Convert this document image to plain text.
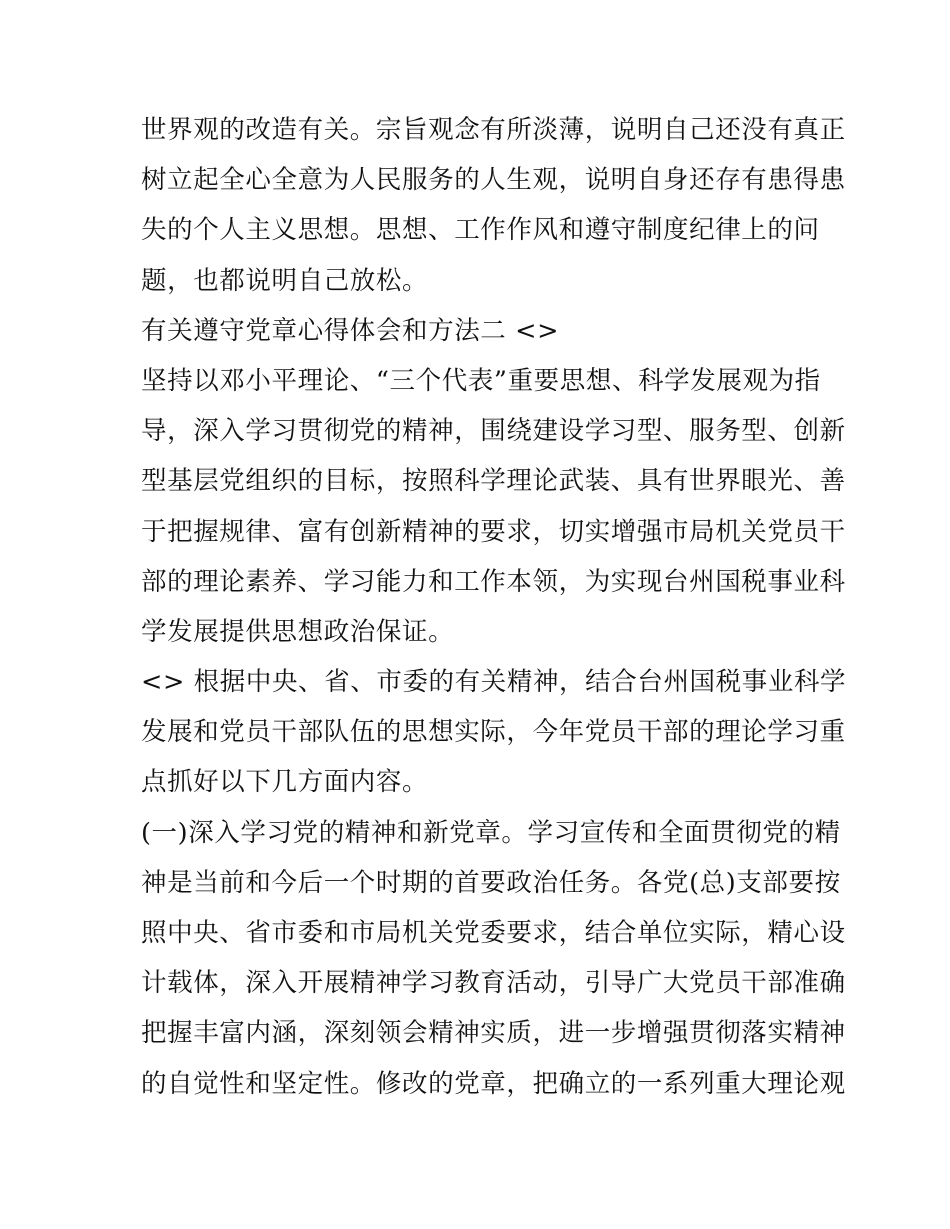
世界观的改造有关。宗旨观念有所淡薄，说明自己还没有真正
树立起全心全意为人民服务的人生观，说明自身还存有患得患
失的个人主义思想。思想、工作作风和遵守制度纪律上的问
题，也都说明自己放松。
有关遵守党章心得体会和方法二 <>
坚持以邓小平理论、“三个代表”重要思想、科学发展观为指
导，深入学习贯彻党的精神，围绕建设学习型、服务型、创新
型基层党组织的目标，按照科学理论武装、具有世界眼光、善
于把握规律、富有创新精神的要求，切实增强市局机关党员干
部的理论素养、学习能力和工作本领，为实现台州国税事业科
学发展提供思想政治保证。
<> 根据中央、省、市委的有关精神，结合台州国税事业科学
发展和党员干部队伍的思想实际，今年党员干部的理论学习重
点抓好以下几方面内容。
(一)深入学习党的精神和新党章。学习宣传和全面贯彻党的精
神是当前和今后一个时期的首要政治任务。各党(总)支部要按
照中央、省市委和市局机关党委要求，结合单位实际，精心设
计载体，深入开展精神学习教育活动，引导广大党员干部准确
把握丰富内涵，深刻领会精神实质，进一步增强贯彻落实精神
的自觉性和坚定性。修改的党章，把确立的一系列重大理论观
